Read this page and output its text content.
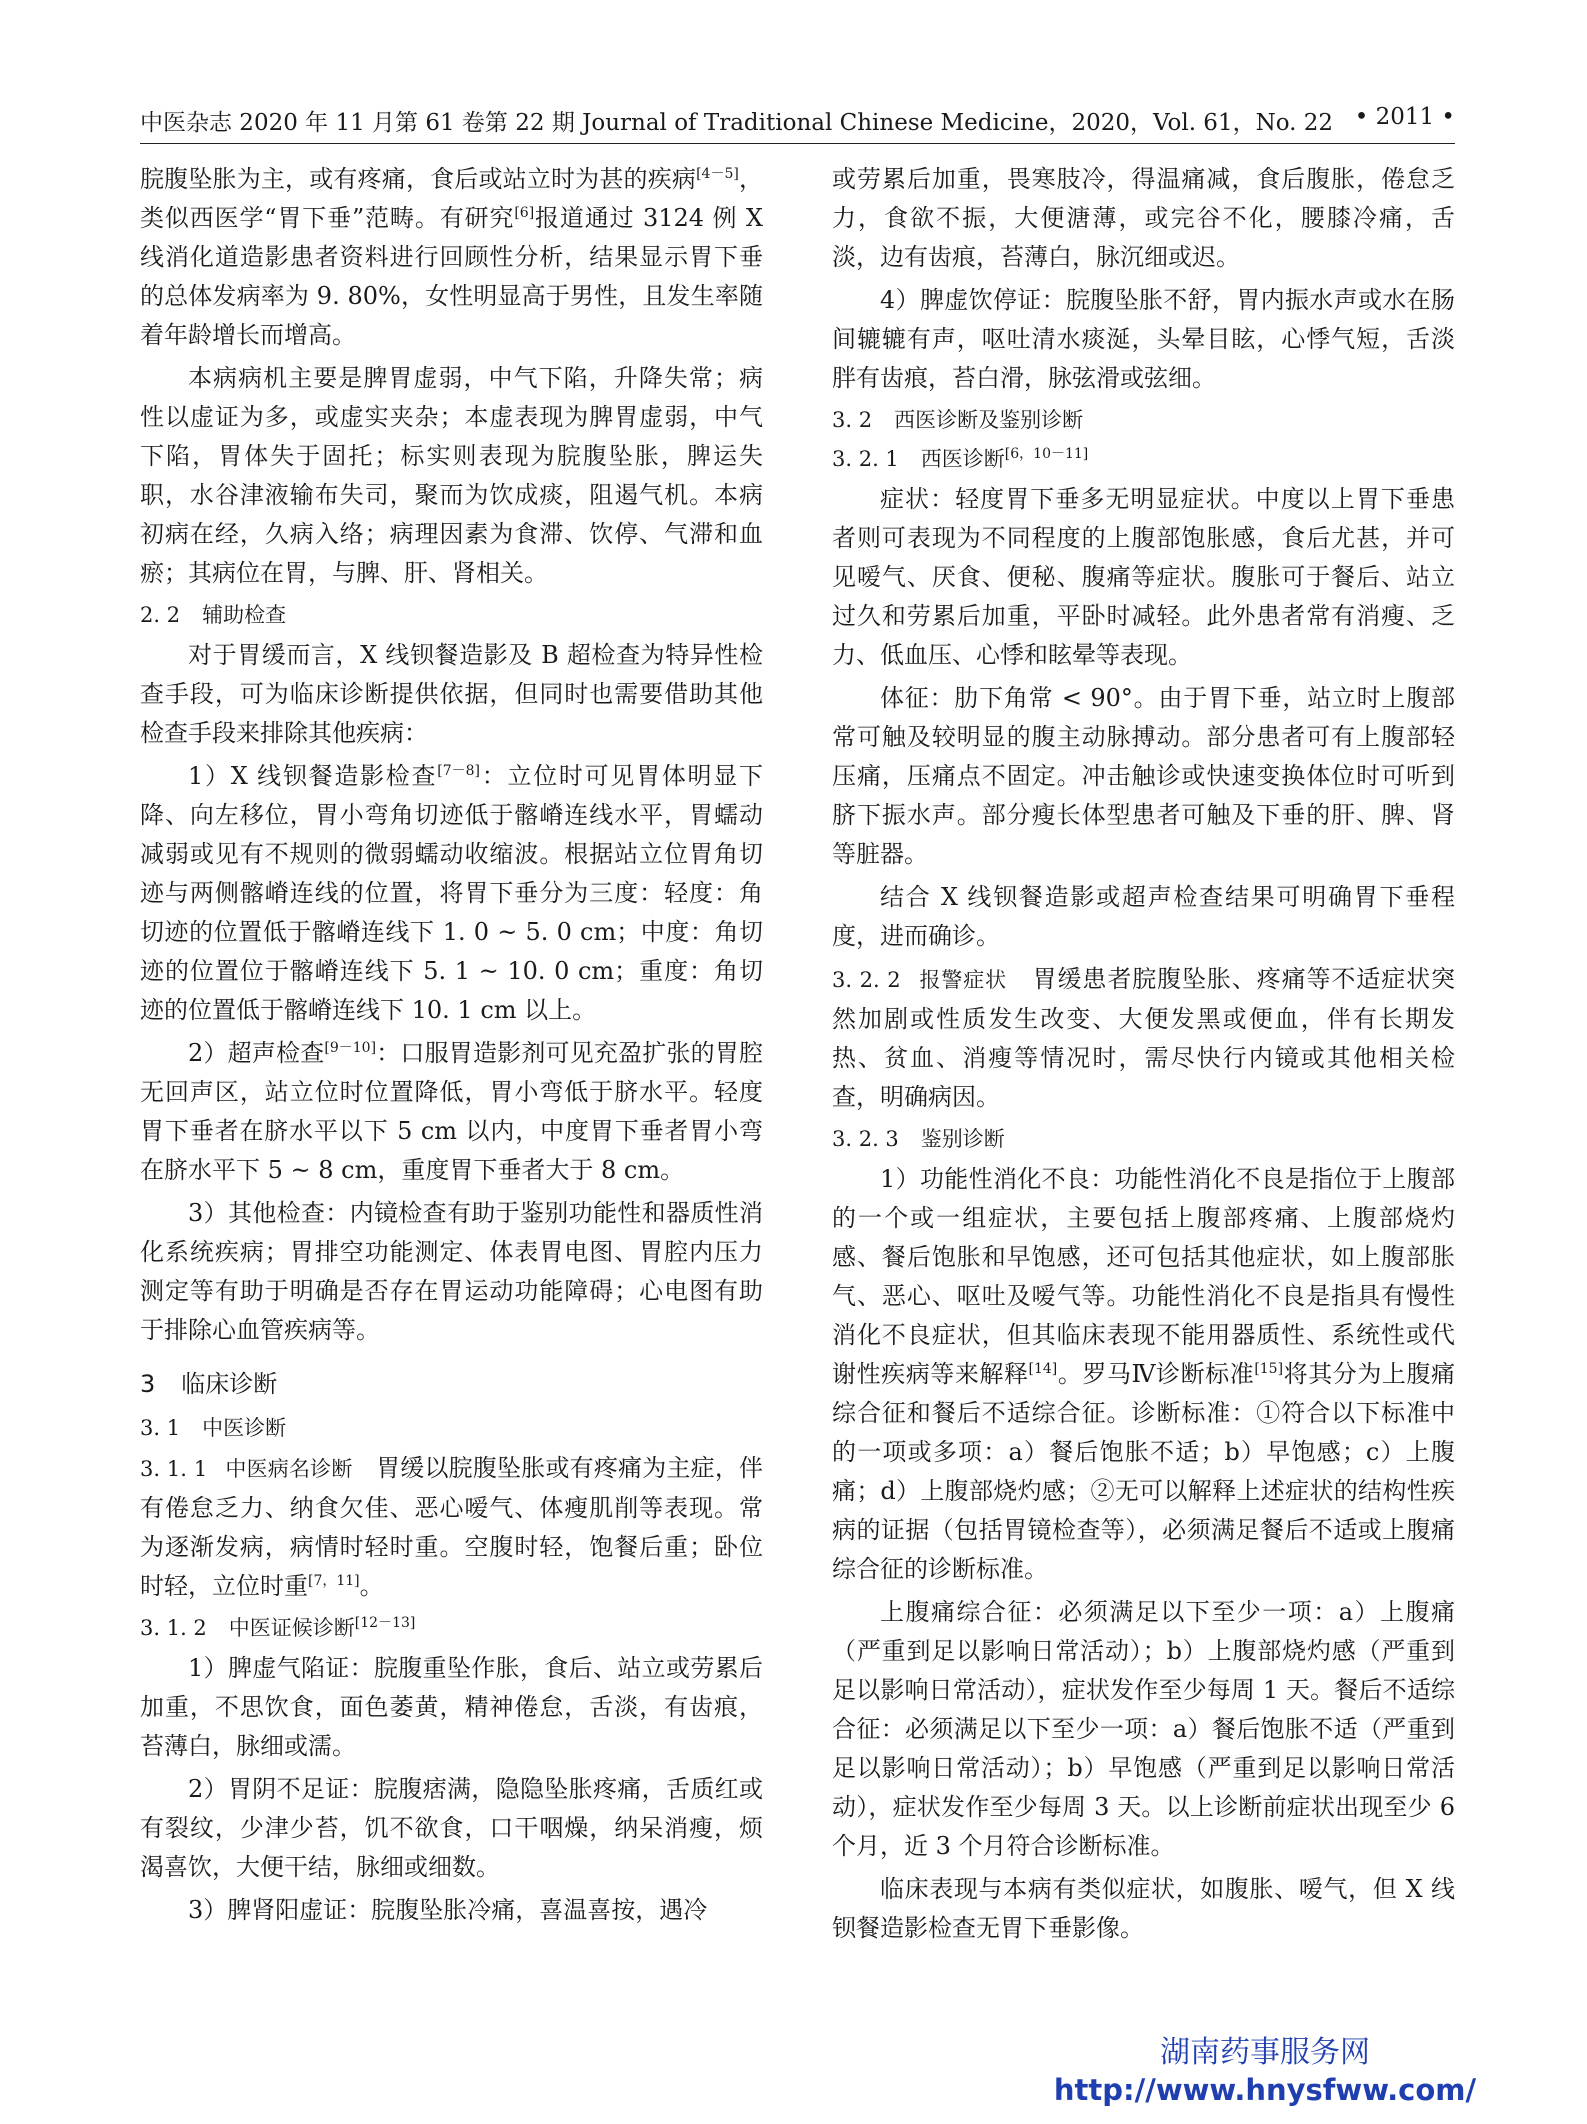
中医杂志 2020 年 11 月第 61 卷第 22 期 Journal of Traditional Chinese Medicine，2020，Vol. 61，No. 22 • 2011 •

脘腹坠胀为主，或有疼痛，食后或站立时为甚的疾病[4－5]，类似西医学“胃下垂”范畴。有研究[6]报道通过 3124 例 X 线消化道造影患者资料进行回顾性分析，结果显示胃下垂的总体发病率为 9. 80%，女性明显高于男性，且发生率随着年龄增长而增高。

本病病机主要是脾胃虚弱，中气下陷，升降失常；病性以虚证为多，或虚实夹杂；本虚表现为脾胃虚弱，中气下陷，胃体失于固托；标实则表现为脘腹坠胀，脾运失职，水谷津液输布失司，聚而为饮成痰，阻遏气机。本病初病在经，久病入络；病理因素为食滞、饮停、气滞和血瘀；其病位在胃，与脾、肝、肾相关。

2. 2 辅助检查

对于胃缓而言，X 线钡餐造影及 B 超检查为特异性检查手段，可为临床诊断提供依据，但同时也需要借助其他检查手段来排除其他疾病：

1）X 线钡餐造影检查[7－8]：立位时可见胃体明显下降、向左移位，胃小弯角切迹低于髂嵴连线水平，胃蠕动减弱或见有不规则的微弱蠕动收缩波。根据站立位胃角切迹与两侧髂嵴连线的位置，将胃下垂分为三度：轻度：角切迹的位置低于髂嵴连线下 1. 0 ~ 5. 0 cm；中度：角切迹的位置位于髂嵴连线下 5. 1 ~ 10. 0 cm；重度：角切迹的位置低于髂嵴连线下 10. 1 cm 以上。

2）超声检查[9－10]：口服胃造影剂可见充盈扩张的胃腔无回声区，站立位时位置降低，胃小弯低于脐水平。轻度胃下垂者在脐水平以下 5 cm 以内，中度胃下垂者胃小弯在脐水平下 5 ~ 8 cm，重度胃下垂者大于 8 cm。

3）其他检查：内镜检查有助于鉴别功能性和器质性消化系统疾病；胃排空功能测定、体表胃电图、胃腔内压力测定等有助于明确是否存在胃运动功能障碍；心电图有助于排除心血管疾病等。

3 临床诊断
3. 1 中医诊断

3. 1. 1 中医病名诊断 胃缓以脘腹坠胀或有疼痛为主症，伴有倦怠乏力、纳食欠佳、恶心嗳气、体瘦肌削等表现。常为逐渐发病，病情时轻时重。空腹时轻，饱餐后重；卧位时轻，立位时重[7，11]。

3. 1. 2 中医证候诊断[12－13]

1）脾虚气陷证：脘腹重坠作胀，食后、站立或劳累后加重，不思饮食，面色萎黄，精神倦怠，舌淡，有齿痕，苔薄白，脉细或濡。

2）胃阴不足证：脘腹痞满，隐隐坠胀疼痛，舌质红或有裂纹，少津少苔，饥不欲食，口干咽燥，纳呆消瘦，烦渴喜饮，大便干结，脉细或细数。

3）脾肾阳虚证：脘腹坠胀冷痛，喜温喜按，遇冷

或劳累后加重，畏寒肢冷，得温痛减，食后腹胀，倦怠乏力，食欲不振，大便溏薄，或完谷不化，腰膝冷痛，舌淡，边有齿痕，苔薄白，脉沉细或迟。

4）脾虚饮停证：脘腹坠胀不舒，胃内振水声或水在肠间辘辘有声，呕吐清水痰涎，头晕目眩，心悸气短，舌淡胖有齿痕，苔白滑，脉弦滑或弦细。

3. 2 西医诊断及鉴别诊断
3. 2. 1 西医诊断[6，10－11]

症状：轻度胃下垂多无明显症状。中度以上胃下垂患者则可表现为不同程度的上腹部饱胀感，食后尤甚，并可见嗳气、厌食、便秘、腹痛等症状。腹胀可于餐后、站立过久和劳累后加重，平卧时减轻。此外患者常有消瘦、乏力、低血压、心悸和眩晕等表现。

体征：肋下角常 < 90°。由于胃下垂，站立时上腹部常可触及较明显的腹主动脉搏动。部分患者可有上腹部轻压痛，压痛点不固定。冲击触诊或快速变换体位时可听到脐下振水声。部分瘦长体型患者可触及下垂的肝、脾、肾等脏器。

结合 X 线钡餐造影或超声检查结果可明确胃下垂程度，进而确诊。

3. 2. 2 报警症状 胃缓患者脘腹坠胀、疼痛等不适症状突然加剧或性质发生改变、大便发黑或便血，伴有长期发热、贫血、消瘦等情况时，需尽快行内镜或其他相关检查，明确病因。

3. 2. 3 鉴别诊断

1）功能性消化不良：功能性消化不良是指位于上腹部的一个或一组症状，主要包括上腹部疼痛、上腹部烧灼感、餐后饱胀和早饱感，还可包括其他症状，如上腹部胀气、恶心、呕吐及嗳气等。功能性消化不良是指具有慢性消化不良症状，但其临床表现不能用器质性、系统性或代谢性疾病等来解释[14]。罗马Ⅳ诊断标准[15]将其分为上腹痛综合征和餐后不适综合征。诊断标准：①符合以下标准中的一项或多项：a）餐后饱胀不适；b）早饱感；c）上腹痛；d）上腹部烧灼感；②无可以解释上述症状的结构性疾病的证据（包括胃镜检查等），必须满足餐后不适或上腹痛综合征的诊断标准。

上腹痛综合征：必须满足以下至少一项：a）上腹痛（严重到足以影响日常活动）；b）上腹部烧灼感（严重到足以影响日常活动），症状发作至少每周 1 天。餐后不适综合征：必须满足以下至少一项：a）餐后饱胀不适（严重到足以影响日常活动）；b）早饱感（严重到足以影响日常活动），症状发作至少每周 3 天。以上诊断前症状出现至少 6 个月，近 3 个月符合诊断标准。

临床表现与本病有类似症状，如腹胀、嗳气，但 X 线钡餐造影检查无胃下垂影像。

湖南药事服务网
http://www.hnysfww.com/
